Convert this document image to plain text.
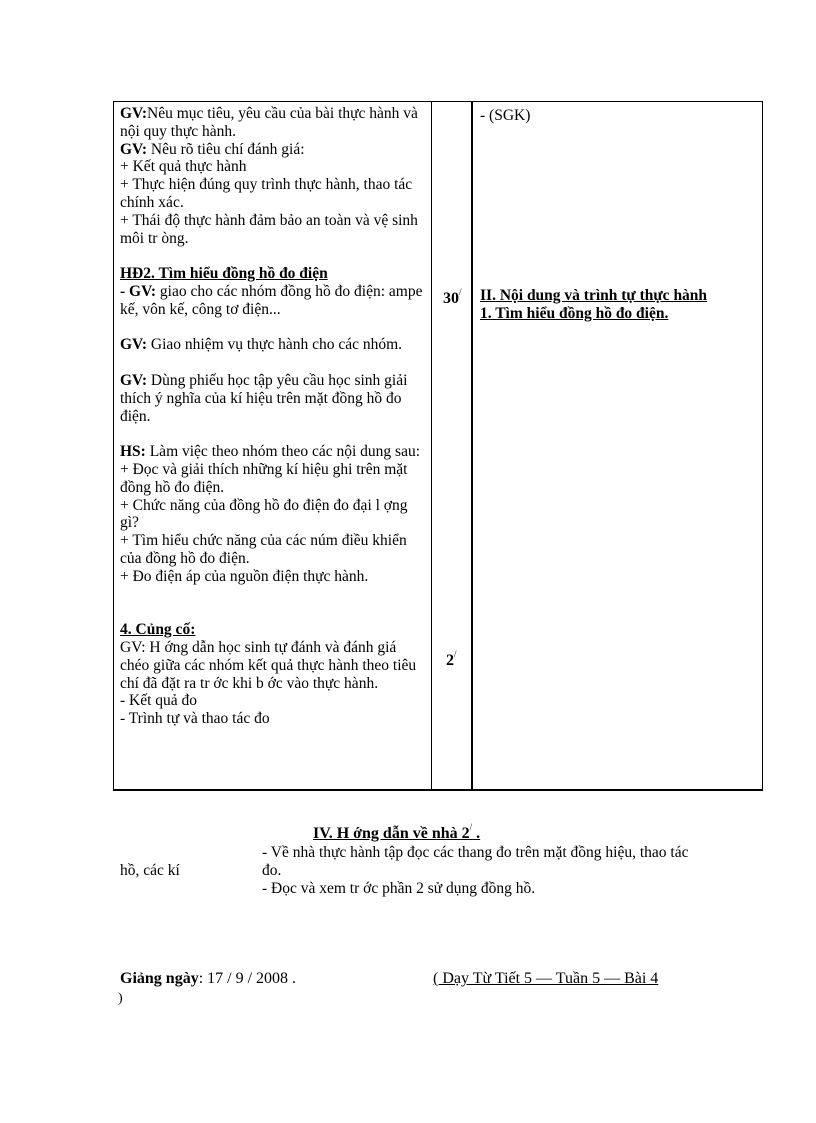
GV:Nêu mục tiêu, yêu cầu của bài thực hành và nội quy thực hành.

GV: Nêu rõ tiêu chí đánh giá:

+ Kết quả thực hành

+ Thực hiện đúng quy trình thực hành, thao tác chính xác.

+ Thái độ thực hành đảm bảo an toàn và vệ sinh môi tr òng.

HĐ2. Tìm hiểu đồng hồ đo điện

- GV: giao cho các nhóm đồng hồ đo điện: ampe kế, vôn kế, công tơ điện...

GV: Giao nhiệm vụ thực hành cho các nhóm.

GV: Dùng phiếu học tập yêu cầu học sinh giải thích ý nghĩa của kí hiệu trên mặt đồng hồ đo điện.

HS: Làm việc theo nhóm theo các nội dung sau:

+ Đọc và giải thích những kí hiệu ghi trên mặt đồng hồ đo điện.

+ Chức năng của đồng hồ đo điện đo đại l ợng gì?

+ Tìm hiểu chức năng của các núm điều khiển của đồng hồ đo điện.

+ Đo điện áp của nguồn điện thực hành.

4. Củng cố:

GV: H ớng dẫn học sinh tự đánh và đánh giá chéo giữa các nhóm kết quả thực hành theo tiêu chí đã đặt ra tr ớc khi b ớc vào thực hành.

- Kết quả đo

- Trình tự và thao tác đo

30/
2/
- (SGK)
II. Nội dung và trình tự thực hành
1. Tìm hiểu đồng hồ đo điện.
IV. H ớng dẫn về nhà 2/ .
hồ, các kí

- Về nhà thực hành tập đọc các thang đo trên mặt đồng hiệu, thao tác đo.

- Đọc và xem tr ớc phần 2 sử dụng đồng hồ.

Giảng ngày: 17 / 9 / 2008 .	( Dạy Từ Tiết 5 — Tuần 5 — Bài 4
)
